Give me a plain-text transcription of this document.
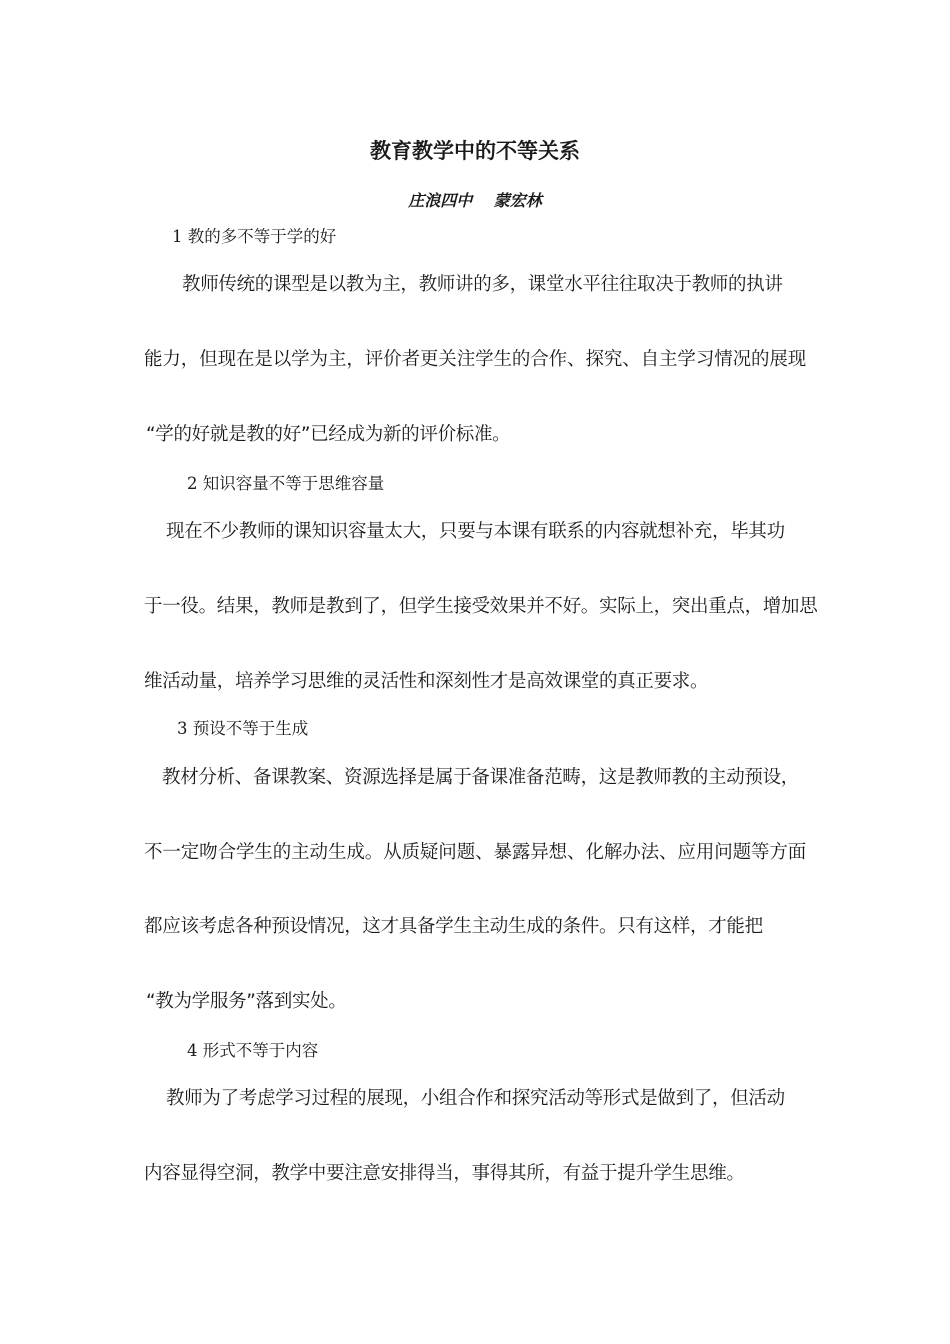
教育教学中的不等关系
庄浪四中　 蒙宏林
1 教的多不等于学的好
教师传统的课型是以教为主，教师讲的多，课堂水平往往取决于教师的执讲
能力，但现在是以学为主，评价者更关注学生的合作、探究、自主学习情况的展现
“学的好就是教的好”已经成为新的评价标准。
2 知识容量不等于思维容量
现在不少教师的课知识容量太大，只要与本课有联系的内容就想补充，毕其功
于一役。结果，教师是教到了，但学生接受效果并不好。实际上，突出重点，增加思
维活动量，培养学习思维的灵活性和深刻性才是高效课堂的真正要求。
3 预设不等于生成
教材分析、备课教案、资源选择是属于备课准备范畴，这是教师教的主动预设，
不一定吻合学生的主动生成。从质疑问题、暴露异想、化解办法、应用问题等方面
都应该考虑各种预设情况，这才具备学生主动生成的条件。只有这样，才能把
“教为学服务”落到实处。
4 形式不等于内容
教师为了考虑学习过程的展现，小组合作和探究活动等形式是做到了，但活动
内容显得空洞，教学中要注意安排得当，事得其所，有益于提升学生思维。
